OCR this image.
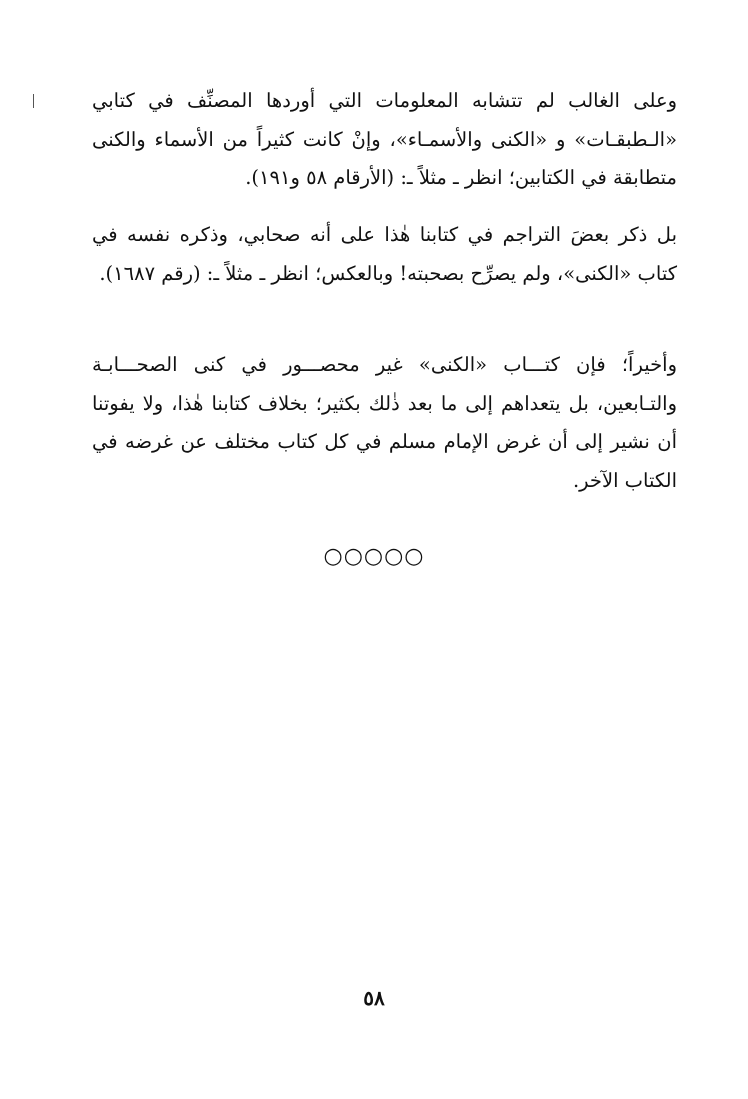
وعلى الغالب لم تتشابه المعلومات التي أوردها المصنِّف في كتابي «الـطبقـات» و «الكنى والأسمـاء»، وإنْ كانت كثيراً من الأسماء والكنى متطابقة في الكتابين؛ انظر ـ مثلاً ـ: (الأرقام ٥٨ و١٩١).

بل ذكر بعضَ التراجم في كتابنا هٰذا على أنه صحابي، وذكره نفسه في كتاب «الكنى»، ولم يصرِّح بصحبته! وبالعكس؛ انظر ـ مثلاً ـ: (رقم ١٦٨٧).

وأخيراً؛ فإن كتـــاب «الكنى» غير محصـــور في كنى الصحـــابـة والتـابعين، بل يتعداهم إلى ما بعد ذٰلك بكثير؛ بخلاف كتابنا هٰذا، ولا يفوتنا أن نشير إلى أن غرض الإمام مسلم في كل كتاب مختلف عن غرضه في الكتاب الآخر.

○○○○○
٥٨
